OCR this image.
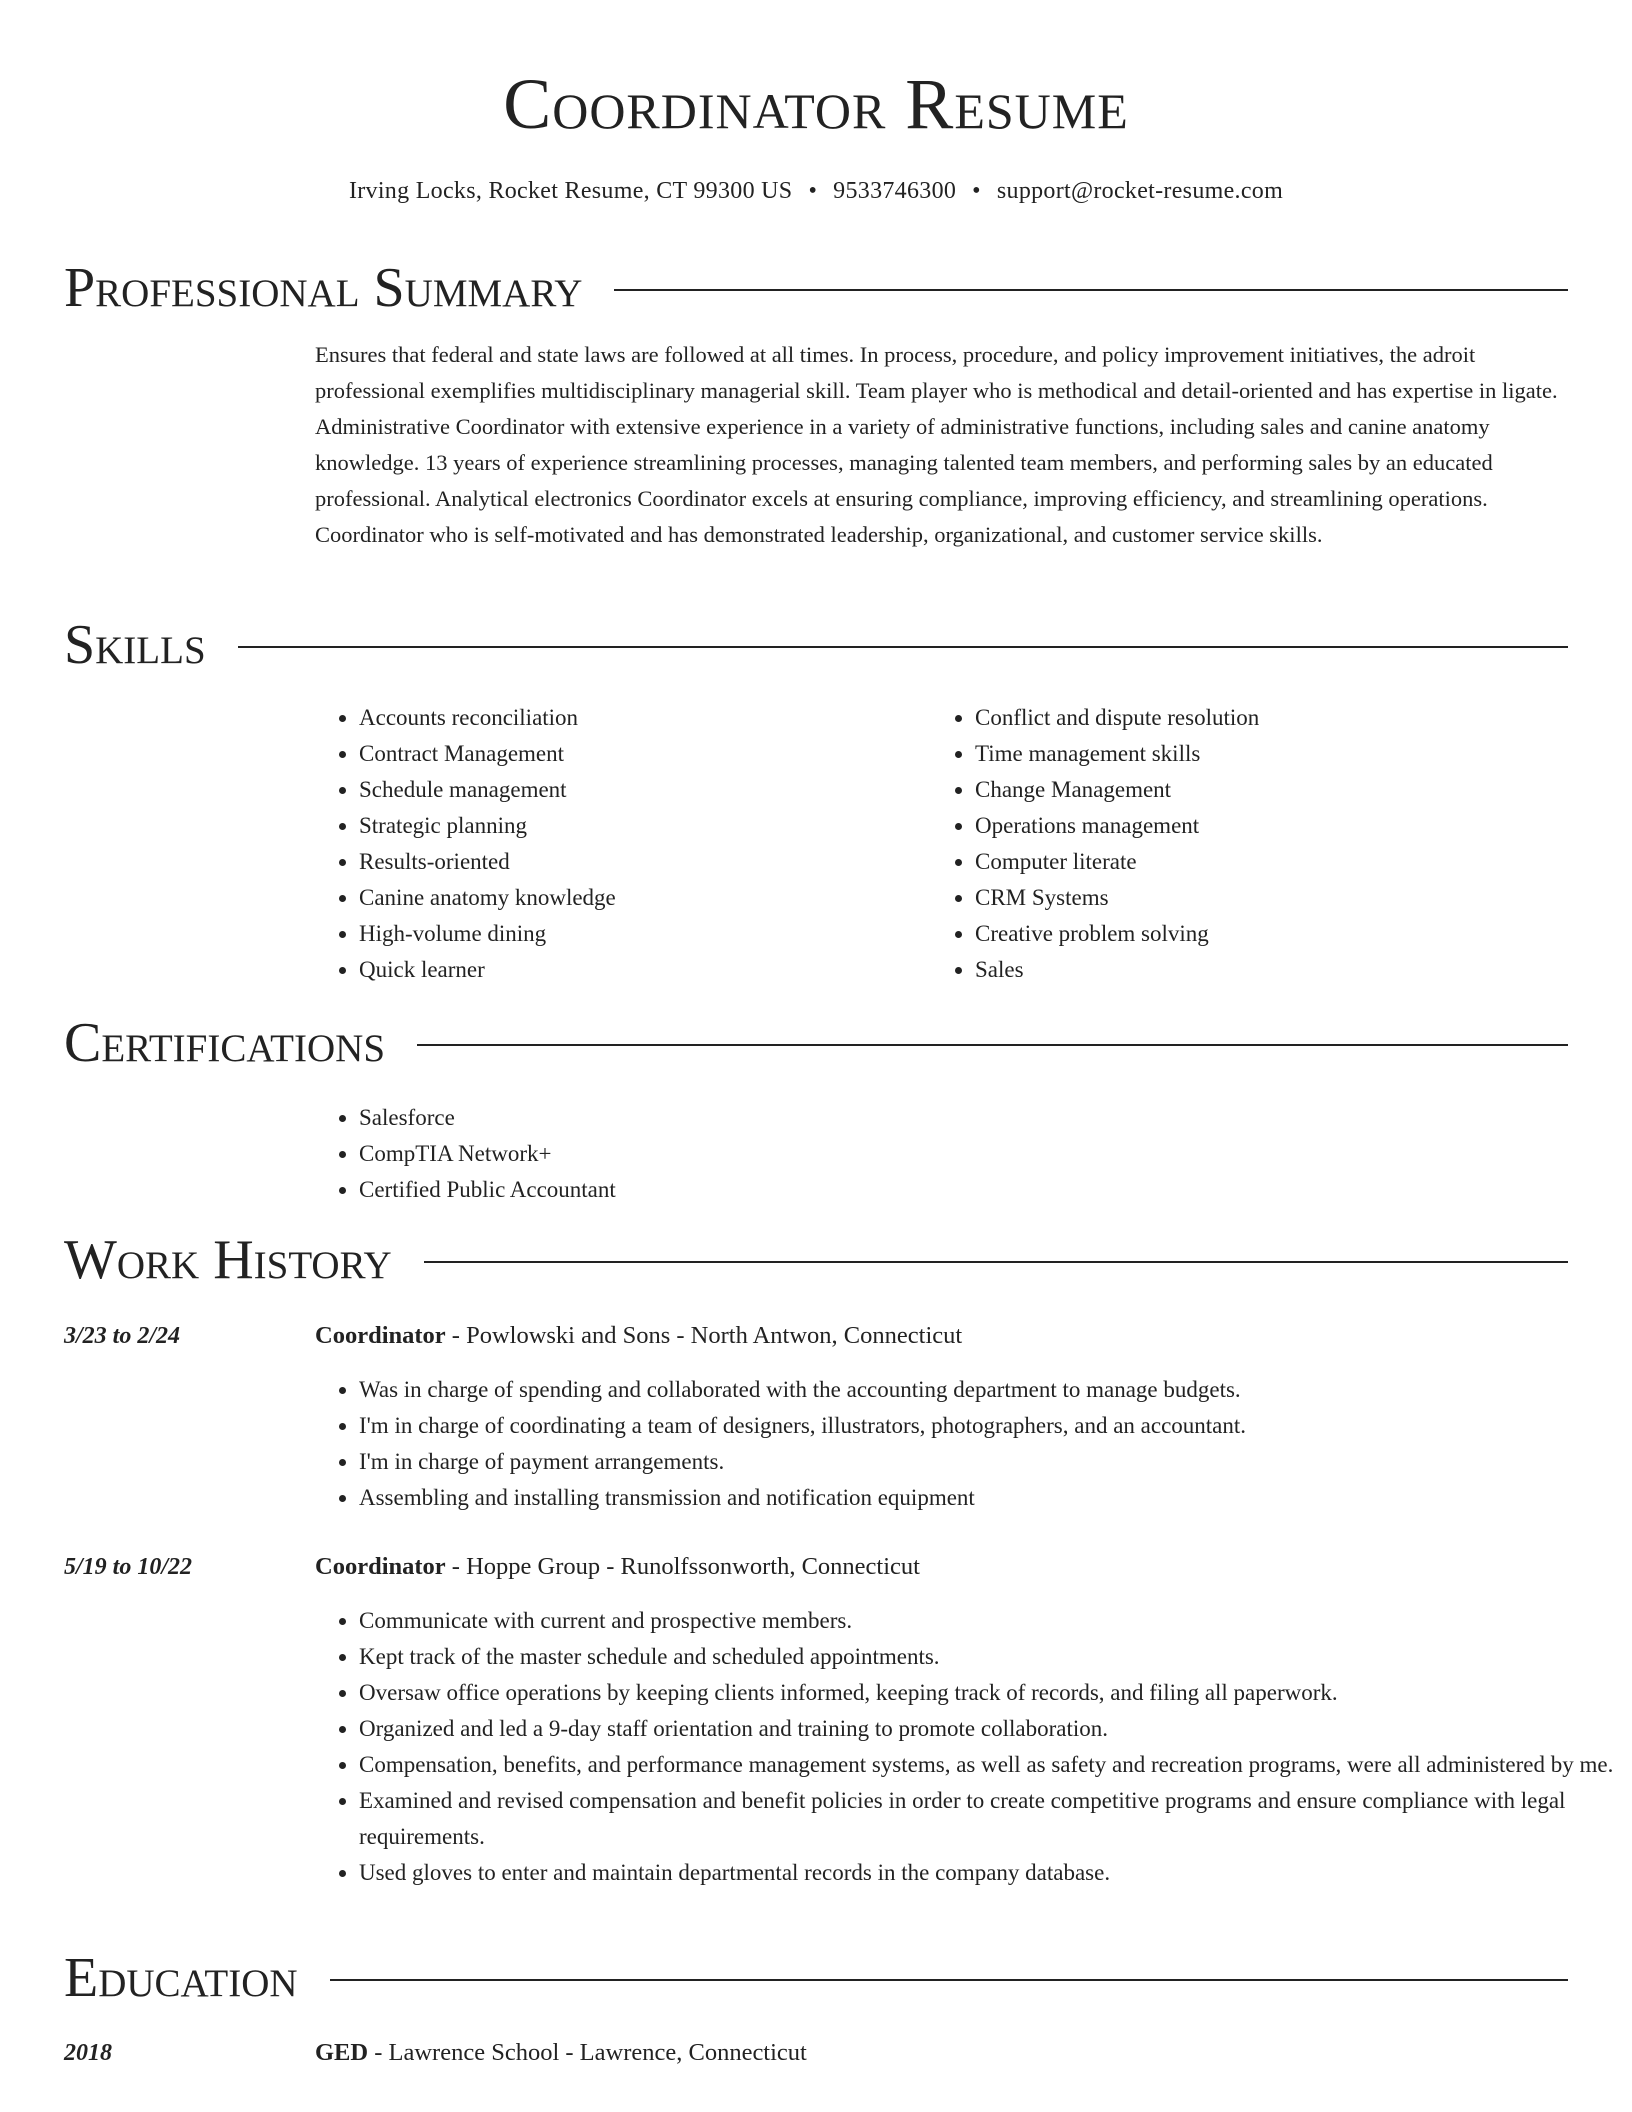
Coordinator Resume
Irving Locks, Rocket Resume, CT 99300 US • 9533746300 • support@rocket-resume.com
Professional Summary

Ensures that federal and state laws are followed at all times. In process, procedure, and policy improvement initiatives, the adroit professional exemplifies multidisciplinary managerial skill. Team player who is methodical and detail-oriented and has expertise in ligate. Administrative Coordinator with extensive experience in a variety of administrative functions, including sales and canine anatomy knowledge. 13 years of experience streamlining processes, managing talented team members, and performing sales by an educated professional. Analytical electronics Coordinator excels at ensuring compliance, improving efficiency, and streamlining operations. Coordinator who is self-motivated and has demonstrated leadership, organizational, and customer service skills.

Skills
• Accounts reconciliation
• Contract Management
• Schedule management
• Strategic planning
• Results-oriented
• Canine anatomy knowledge
• High-volume dining
• Quick learner
• Conflict and dispute resolution
• Time management skills
• Change Management
• Operations management
• Computer literate
• CRM Systems
• Creative problem solving
• Sales
Certifications
• Salesforce
• CompTIA Network+
• Certified Public Accountant
Work History
3/23 to 2/24	Coordinator - Powlowski and Sons - North Antwon, Connecticut
• Was in charge of spending and collaborated with the accounting department to manage budgets.
• I'm in charge of coordinating a team of designers, illustrators, photographers, and an accountant.
• I'm in charge of payment arrangements.
• Assembling and installing transmission and notification equipment
5/19 to 10/22	Coordinator - Hoppe Group - Runolfssonworth, Connecticut
• Communicate with current and prospective members.
• Kept track of the master schedule and scheduled appointments.
• Oversaw office operations by keeping clients informed, keeping track of records, and filing all paperwork.
• Organized and led a 9-day staff orientation and training to promote collaboration.
• Compensation, benefits, and performance management systems, as well as safety and recreation programs, were all administered by me.
• Examined and revised compensation and benefit policies in order to create competitive programs and ensure compliance with legal requirements.
• Used gloves to enter and maintain departmental records in the company database.
Education
2018	GED - Lawrence School - Lawrence, Connecticut
